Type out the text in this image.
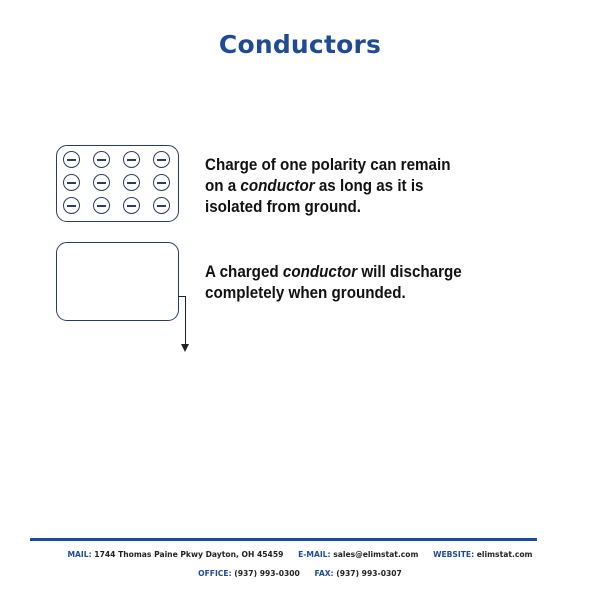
Conductors

Charge of one polarity can remain
on a conductor as long as it is
isolated from ground.

A charged conductor will discharge
completely when grounded.

MAIL: 1744 Thomas Paine Pkwy Dayton, OH 45459 E-MAIL: sales@elimstat.com WEBSITE: elimstat.com
OFFICE: (937) 993-0300 FAX: (937) 993-0307
